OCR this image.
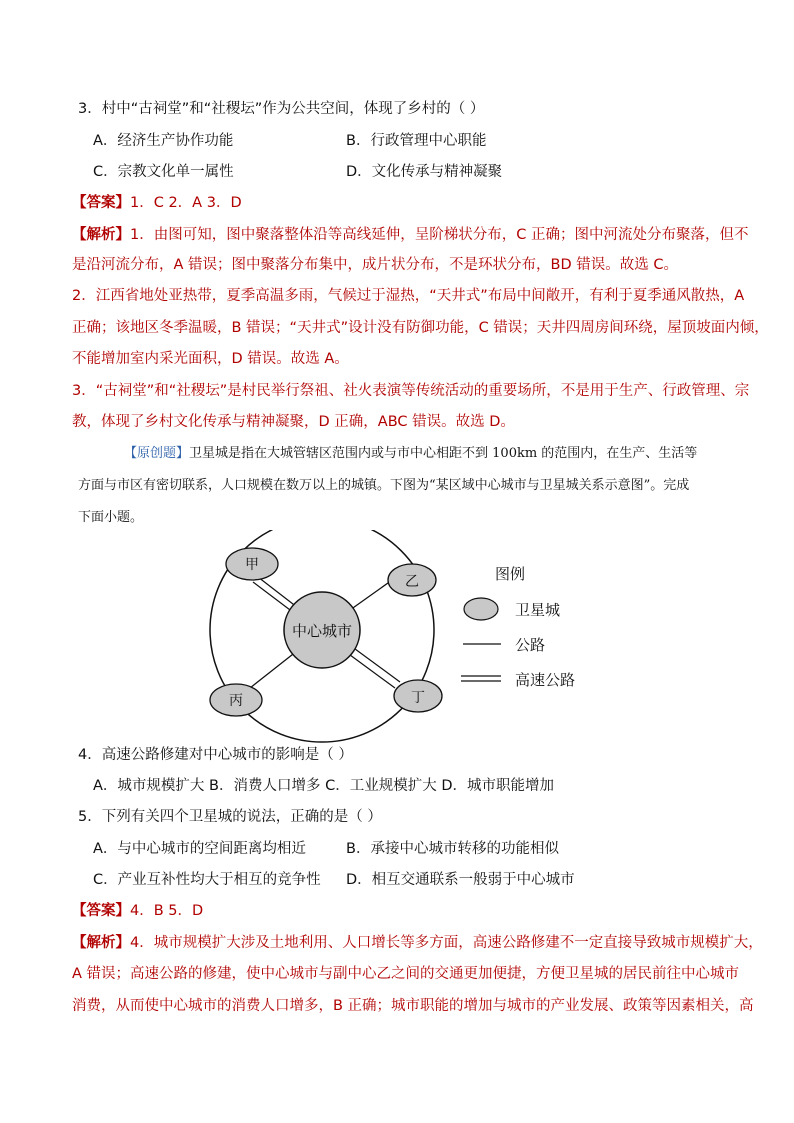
3．村中“古祠堂”和“社稷坛”作为公共空间，体现了乡村的（ ）
A．经济生产协作功能	B．行政管理中心职能
C．宗教文化单一属性	D．文化传承与精神凝聚
【答案】1．C 2．A 3．D
【解析】1．由图可知，图中聚落整体沿等高线延伸，呈阶梯状分布，C 正确；图中河流处分布聚落，但不
是沿河流分布，A 错误；图中聚落分布集中，成片状分布，不是环状分布，BD 错误。故选 C。
2．江西省地处亚热带，夏季高温多雨，气候过于湿热，“天井式”布局中间敞开，有利于夏季通风散热，A
正确；该地区冬季温暖，B 错误；“天井式”设计没有防御功能，C 错误；天井四周房间环绕，屋顶坡面内倾，
不能增加室内采光面积，D 错误。故选 A。
3．“古祠堂”和“社稷坛”是村民举行祭祖、社火表演等传统活动的重要场所，不是用于生产、行政管理、宗
教，体现了乡村文化传承与精神凝聚，D 正确，ABC 错误。故选 D。
【原创题】卫星城是指在大城管辖区范围内或与市中心相距不到 100km 的范围内，在生产、生活等
方面与市区有密切联系，人口规模在数万以上的城镇。下图为“某区域中心城市与卫星城关系示意图”。完成
下面小题。
中心城市
甲
乙
丙	丁
图例
卫星城
公路
高速公路
4．高速公路修建对中心城市的影响是（ ）
A．城市规模扩大 B．消费人口增多 C．工业规模扩大 D．城市职能增加
5．下列有关四个卫星城的说法，正确的是（ ）
A．与中心城市的空间距离均相近	B．承接中心城市转移的功能相似
C．产业互补性均大于相互的竞争性 D．相互交通联系一般弱于中心城市
【答案】4．B 5．D
【解析】4．城市规模扩大涉及土地利用、人口增长等多方面，高速公路修建不一定直接导致城市规模扩大，
A 错误；高速公路的修建，使中心城市与副中心乙之间的交通更加便捷，方便卫星城的居民前往中心城市
消费，从而使中心城市的消费人口增多，B 正确；城市职能的增加与城市的产业发展、政策等因素相关，高
